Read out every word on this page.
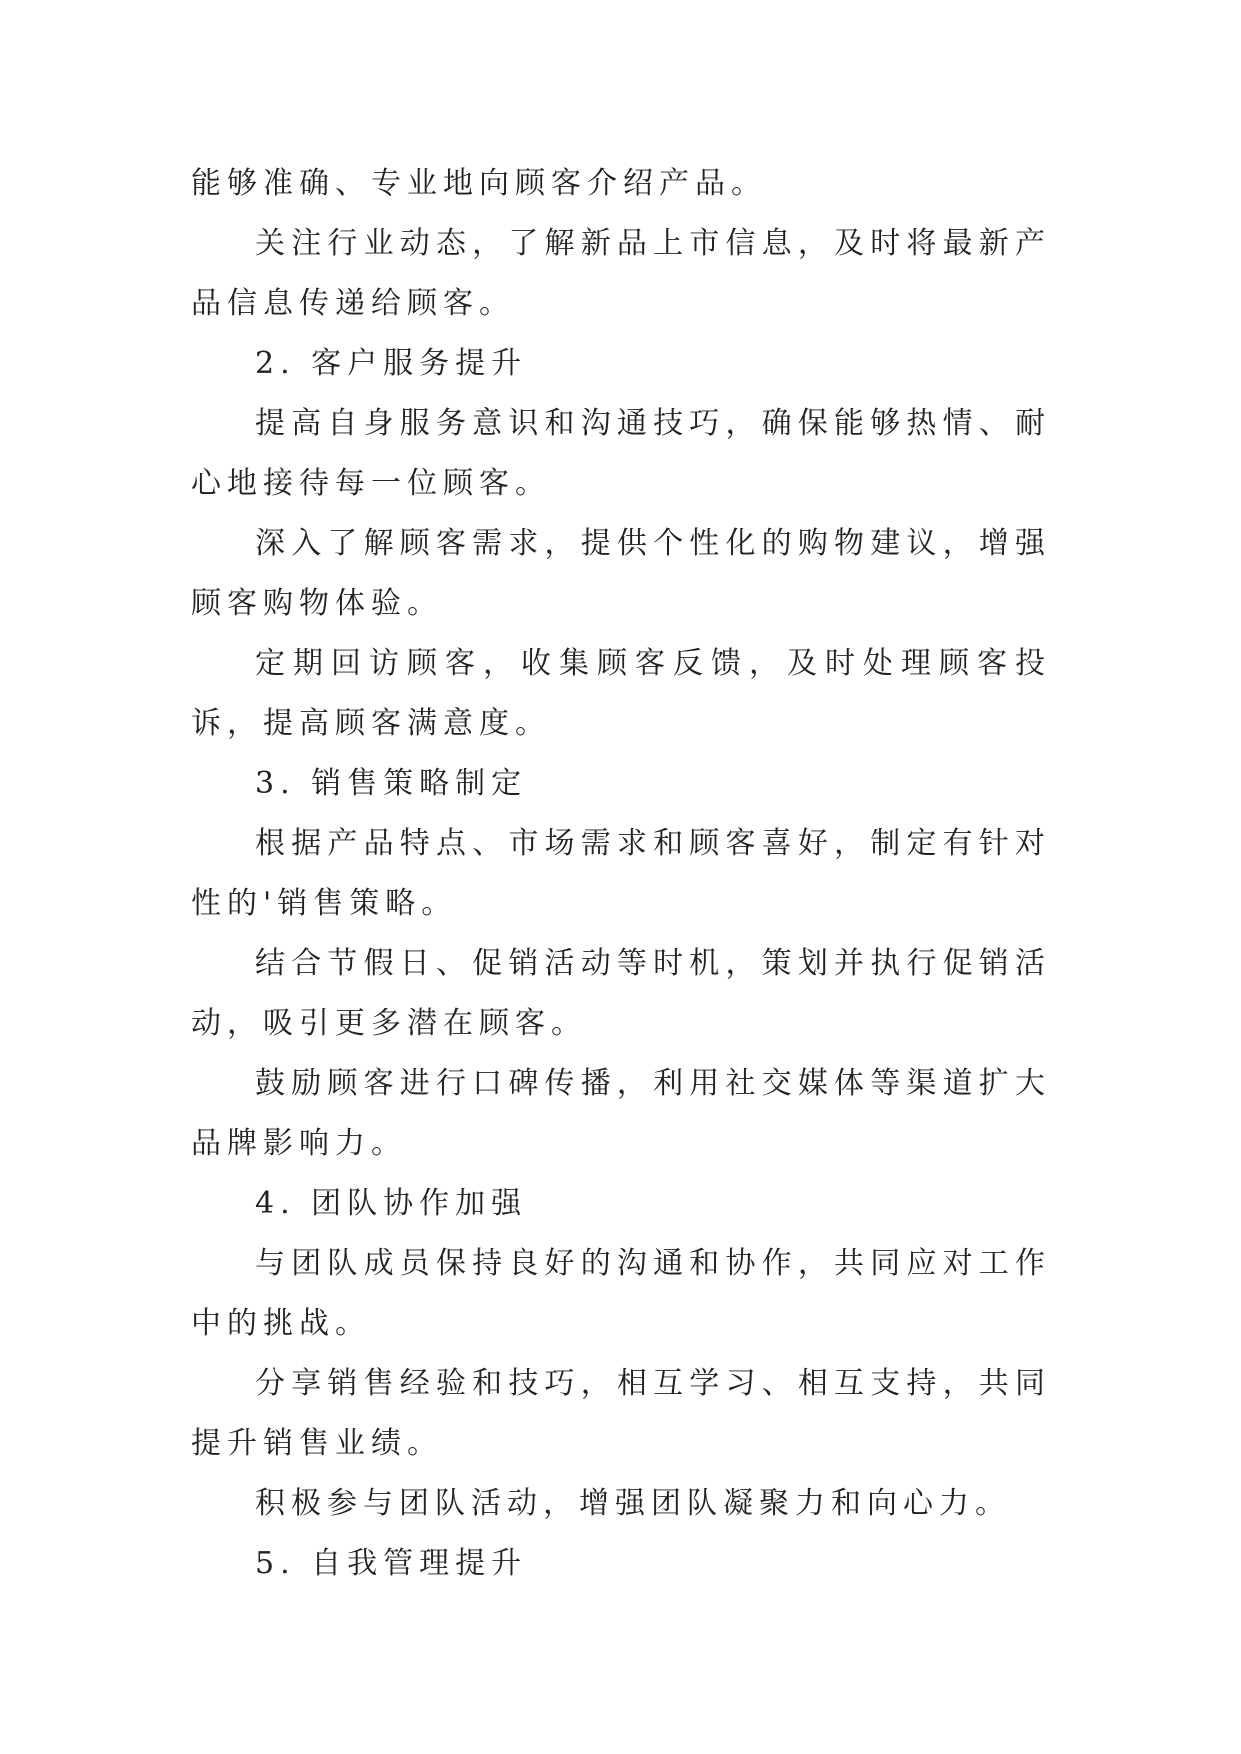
能够准确、专业地向顾客介绍产品。

关注行业动态，了解新品上市信息，及时将最新产品信息传递给顾客。

2. 客户服务提升

提高自身服务意识和沟通技巧，确保能够热情、耐心地接待每一位顾客。

深入了解顾客需求，提供个性化的购物建议，增强顾客购物体验。

定期回访顾客，收集顾客反馈，及时处理顾客投诉，提高顾客满意度。

3. 销售策略制定

根据产品特点、市场需求和顾客喜好，制定有针对性的'销售策略。

结合节假日、促销活动等时机，策划并执行促销活动，吸引更多潜在顾客。

鼓励顾客进行口碑传播，利用社交媒体等渠道扩大品牌影响力。

4. 团队协作加强

与团队成员保持良好的沟通和协作，共同应对工作中的挑战。

分享销售经验和技巧，相互学习、相互支持，共同提升销售业绩。

积极参与团队活动，增强团队凝聚力和向心力。

5. 自我管理提升
